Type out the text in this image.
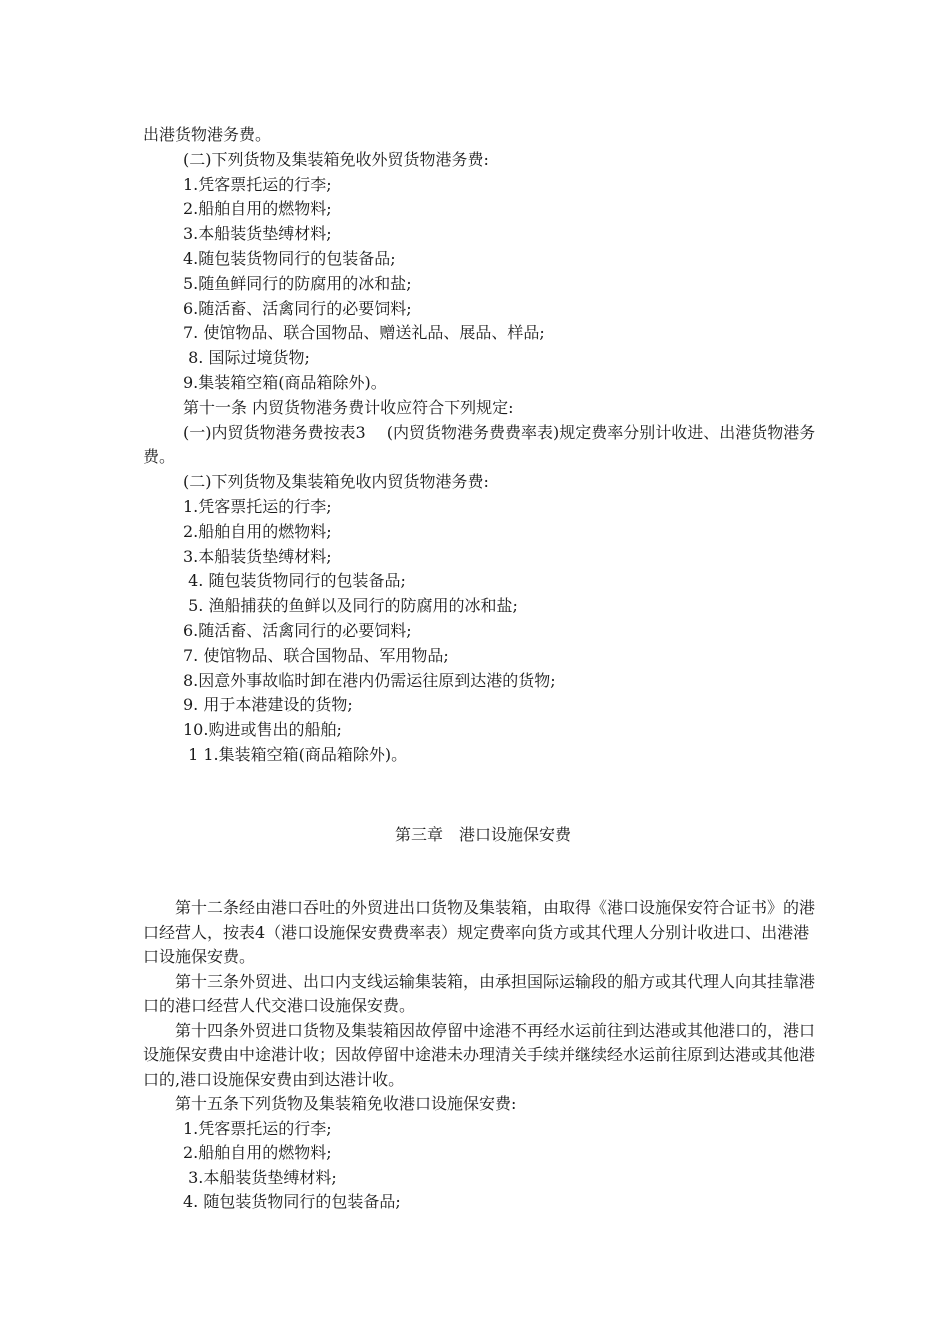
出港货物港务费。
(二)下列货物及集装箱免收外贸货物港务费:
1.凭客票托运的行李;
2.船舶自用的燃物料;
3.本船装货垫缚材料;
4.随包装货物同行的包装备品;
5.随鱼鲜同行的防腐用的冰和盐;
6.随活畜、活禽同行的必要饲料;
7. 使馆物品、联合国物品、赠送礼品、展品、样品;
8. 国际过境货物;
9.集装箱空箱(商品箱除外)。
第十一条 内贸货物港务费计收应符合下列规定:
(一)内贸货物港务费按表3　 (内贸货物港务费费率表)规定费率分别计收进、出港货物港务费。
(二)下列货物及集装箱免收内贸货物港务费:
1.凭客票托运的行李;
2.船舶自用的燃物料;
3.本船装货垫缚材料;
4. 随包装货物同行的包装备品;
5. 渔船捕获的鱼鲜以及同行的防腐用的冰和盐;
6.随活畜、活禽同行的必要饲料;
7. 使馆物品、联合国物品、军用物品;
8.因意外事故临时卸在港内仍需运往原到达港的货物;
9. 用于本港建设的货物;
10.购进或售出的船舶;
1 1.集装箱空箱(商品箱除外)。
第三章 港口设施保安费
第十二条经由港口吞吐的外贸进出口货物及集装箱，由取得《港口设施保安符合证书》的港口经营人，按表4（港口设施保安费费率表）规定费率向货方或其代理人分别计收进口、出港港口设施保安费。
第十三条外贸进、出口内支线运输集装箱，由承担国际运输段的船方或其代理人向其挂靠港口的港口经营人代交港口设施保安费。
第十四条外贸进口货物及集装箱因故停留中途港不再经水运前往到达港或其他港口的，港口设施保安费由中途港计收；因故停留中途港未办理清关手续并继续经水运前往原到达港或其他港口的,港口设施保安费由到达港计收。
第十五条下列货物及集装箱免收港口设施保安费:
1.凭客票托运的行李;
2.船舶自用的燃物料;
3.本船装货垫缚材料;
4. 随包装货物同行的包装备品;
